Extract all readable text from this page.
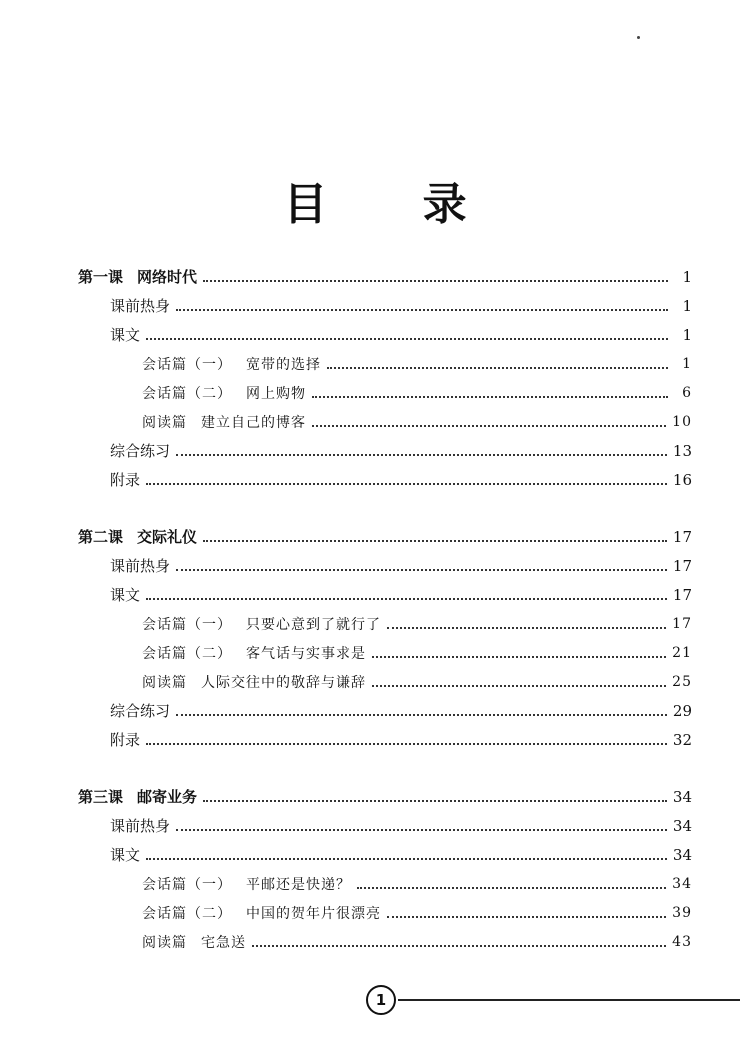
目 录
第一课 网络时代	1
课前热身	1
课文	1
会话篇（一） 宽带的选择	1
会话篇（二） 网上购物	6
阅读篇 建立自己的博客	10
综合练习	13
附录	16
第二课 交际礼仪	17
课前热身	17
课文	17
会话篇（一） 只要心意到了就行了	17
会话篇（二） 客气话与实事求是	21
阅读篇 人际交往中的敬辞与谦辞	25
综合练习	29
附录	32
第三课 邮寄业务	34
课前热身	34
课文	34
会话篇（一） 平邮还是快递？	34
会话篇（二） 中国的贺年片很漂亮	39
阅读篇 宅急送	43
1
